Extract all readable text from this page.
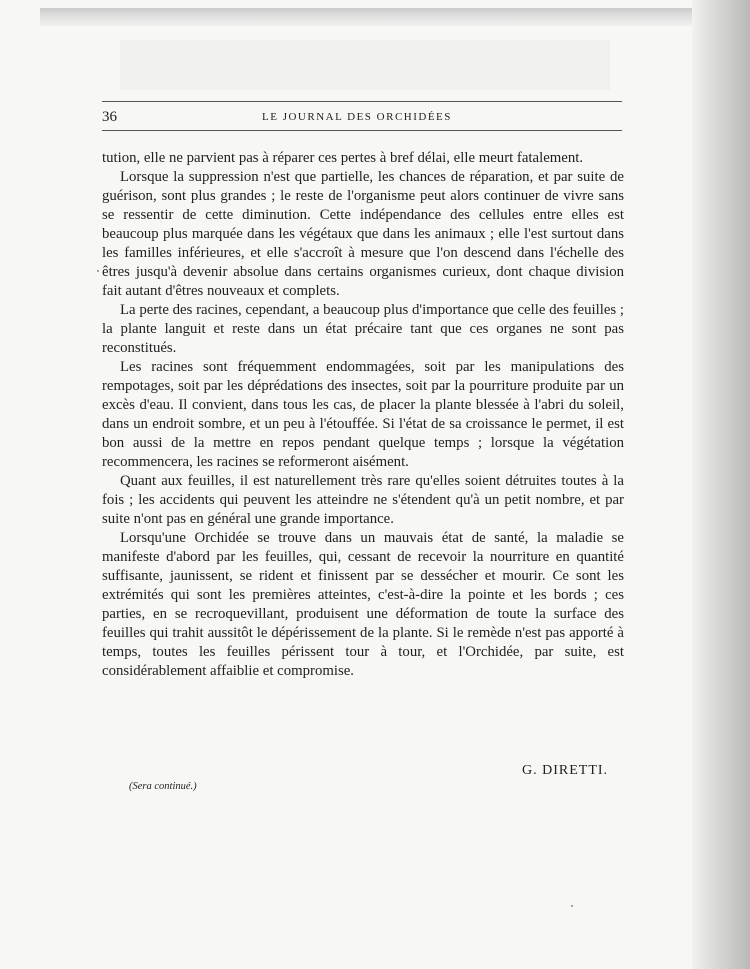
36	LE JOURNAL DES ORCHIDÉES

tution, elle ne parvient pas à réparer ces pertes à bref délai, elle meurt fatalement.

Lorsque la suppression n'est que partielle, les chances de réparation, et par suite de guérison, sont plus grandes ; le reste de l'organisme peut alors continuer de vivre sans se ressentir de cette diminution. Cette indépendance des cellules entre elles est beaucoup plus marquée dans les végétaux que dans les animaux ; elle l'est surtout dans les familles inférieures, et elle s'accroît à mesure que l'on descend dans l'échelle des êtres jusqu'à devenir absolue dans certains organismes curieux, dont chaque division fait autant d'êtres nouveaux et complets.

La perte des racines, cependant, a beaucoup plus d'importance que celle des feuilles ; la plante languit et reste dans un état précaire tant que ces organes ne sont pas reconstitués.

Les racines sont fréquemment endommagées, soit par les manipulations des rempotages, soit par les déprédations des insectes, soit par la pourriture produite par un excès d'eau. Il convient, dans tous les cas, de placer la plante blessée à l'abri du soleil, dans un endroit sombre, et un peu à l'étouffée. Si l'état de sa croissance le permet, il est bon aussi de la mettre en repos pendant quelque temps ; lorsque la végétation recommencera, les racines se reformeront aisément.

Quant aux feuilles, il est naturellement très rare qu'elles soient détruites toutes à la fois ; les accidents qui peuvent les atteindre ne s'étendent qu'à un petit nombre, et par suite n'ont pas en général une grande importance.

Lorsqu'une Orchidée se trouve dans un mauvais état de santé, la maladie se manifeste d'abord par les feuilles, qui, cessant de recevoir la nourriture en quantité suffisante, jaunissent, se rident et finissent par se dessécher et mourir. Ce sont les extrémités qui sont les premières atteintes, c'est-à-dire la pointe et les bords ; ces parties, en se recroquevillant, produisent une déformation de toute la surface des feuilles qui trahit aussitôt le dépérissement de la plante. Si le remède n'est pas apporté à temps, toutes les feuilles périssent tour à tour, et l'Orchidée, par suite, est considérablement affaiblie et compromise.

G. DIRETTI.
(Sera continué.)
